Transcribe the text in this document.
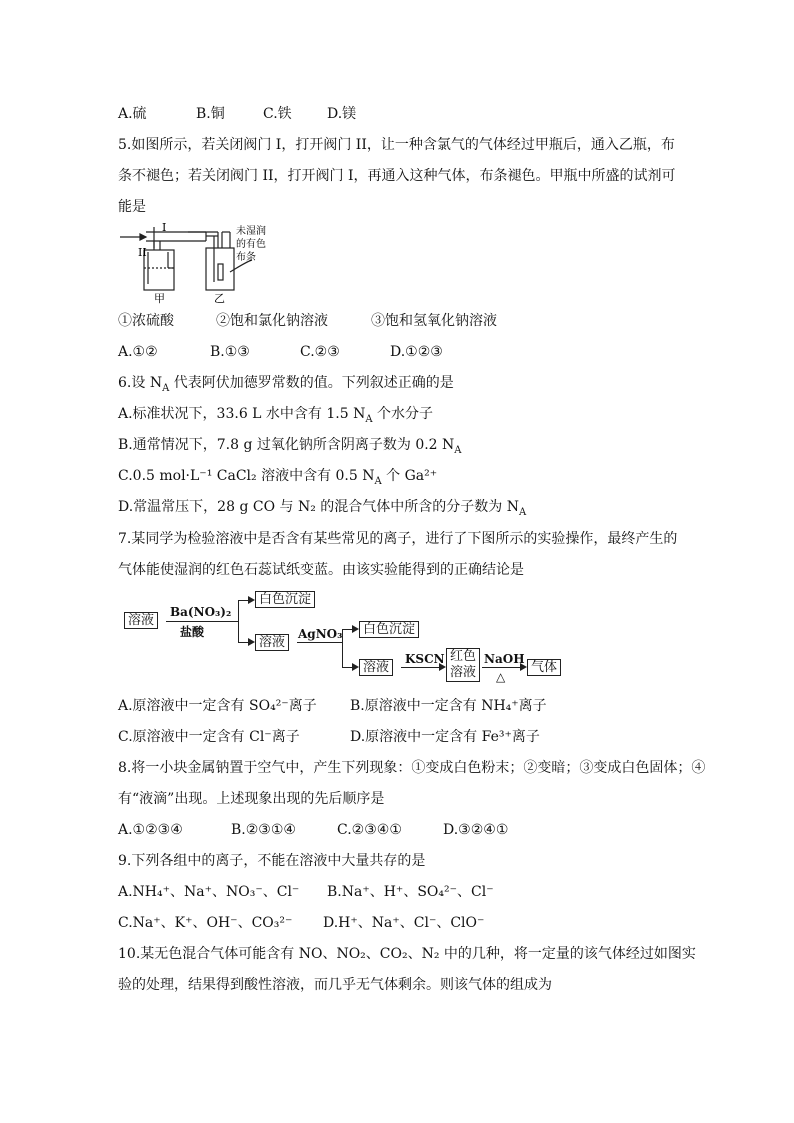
A.硫	B.铜	C.铁	D.镁
5.如图所示，若关闭阀门 I，打开阀门 II，让一种含氯气的气体经过甲瓶后，通入乙瓶，布
条不褪色；若关闭阀门 II，打开阀门 I，再通入这种气体，布条褪色。甲瓶中所盛的试剂可
能是
I
II
甲	乙
未湿润
的有色
布条
①浓硫酸	②饱和氯化钠溶液	③饱和氢氧化钠溶液
A.①②	B.①③	C.②③	D.①②③
6.设 $N_A$ 代表阿伏加德罗常数的值。下列叙述正确的是
A.标准状况下，33.6 L 水中含有 1.5 $N_A$ 个水分子
B.通常情况下，7.8 g 过氧化钠所含阴离子数为 0.2 $N_A$
C.0.5 mol·L⁻¹ CaCl₂ 溶液中含有 0.5 $N_A$ 个 Ga²⁺
D.常温常压下，28 g CO 与 N₂ 的混合气体中所含的分子数为 $N_A$
7.某同学为检验溶液中是否含有某些常见的离子，进行了下图所示的实验操作，最终产生的
气体能使湿润的红色石蕊试纸变蓝。由该实验能得到的正确结论是
溶液
Ba(NO₃)₂
盐酸
白色沉淀
溶液
AgNO₃	白色沉淀
溶液
KSCN 红色
溶液
NaOH
△
气体
A.原溶液中一定含有 SO₄²⁻离子 B.原溶液中一定含有 NH₄⁺离子
C.原溶液中一定含有 Cl⁻离子	D.原溶液中一定含有 Fe³⁺离子
8.将一小块金属钠置于空气中，产生下列现象：①变成白色粉末；②变暗；③变成白色固体；④
有“液滴”出现。上述现象出现的先后顺序是
A.①②③④	B.②③①④	C.②③④①	D.③②④①
9.下列各组中的离子，不能在溶液中大量共存的是
A.NH₄⁺、Na⁺、NO₃⁻、Cl⁻ B.Na⁺、H⁺、SO₄²⁻、Cl⁻
C.Na⁺、K⁺、OH⁻、CO₃²⁻ D.H⁺、Na⁺、Cl⁻、ClO⁻
10.某无色混合气体可能含有 NO、NO₂、CO₂、N₂ 中的几种，将一定量的该气体经过如图实
验的处理，结果得到酸性溶液，而几乎无气体剩余。则该气体的组成为
